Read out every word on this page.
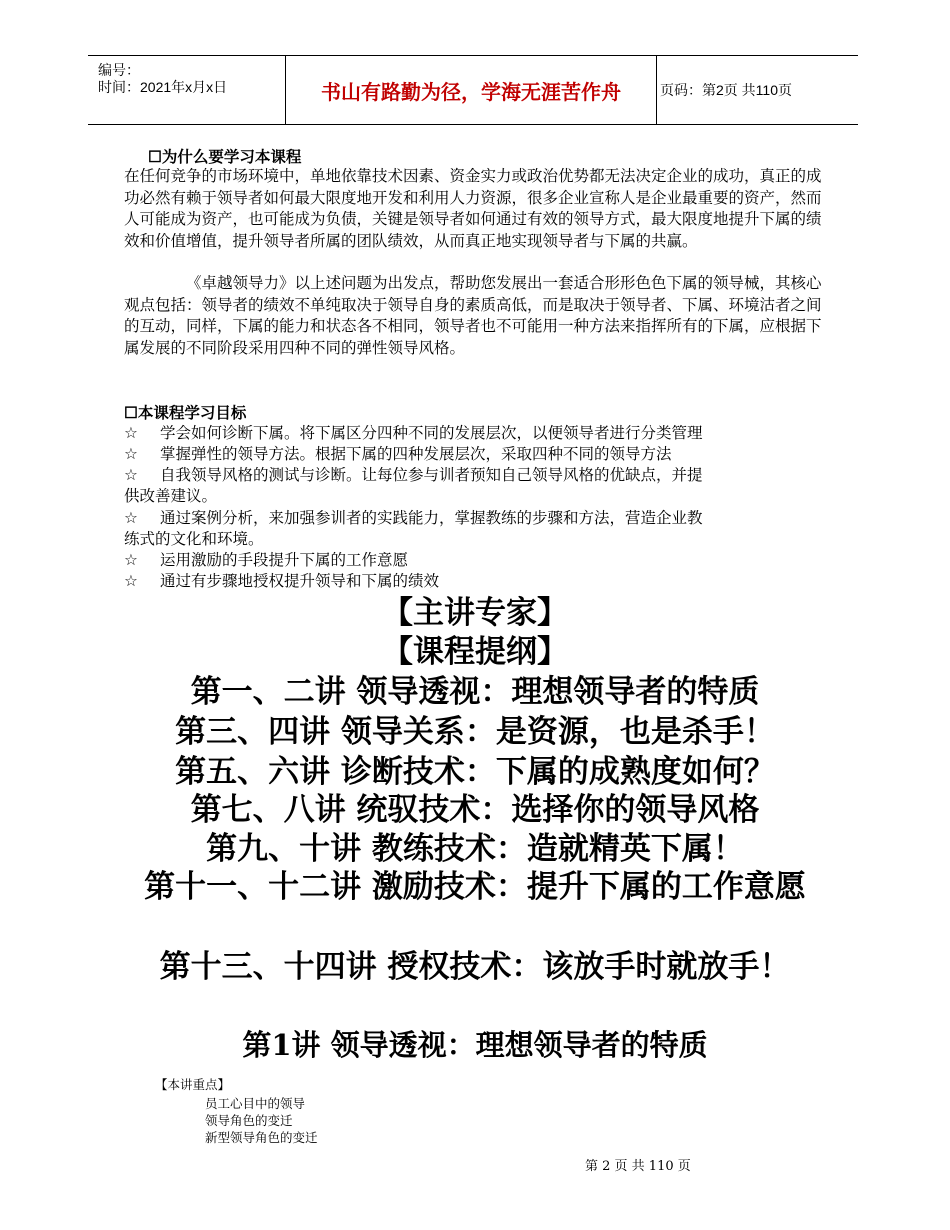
编号：
时间：2021年x月x日	书山有路勤为径，学海无涯苦作舟	页码：第2页 共110页
☐为什么要学习本课程
在任何竞争的市场环境中，单地依靠技术因素、资金实力或政治优势都无法决定企业的成功，真正的成功必然有赖于领导者如何最大限度地开发和利用人力资源，很多企业宣称人是企业最重要的资产，然而人可能成为资产，也可能成为负债，关键是领导者如何通过有效的领导方式，最大限度地提升下属的绩效和价值增值，提升领导者所属的团队绩效，从而真正地实现领导者与下属的共赢。
《卓越领导力》以上述问题为出发点，帮助您发展出一套适合形形色色下属的领导械，其核心观点包括：领导者的绩效不单纯取决于领导自身的素质高低，而是取决于领导者、下属、环境沽者之间的互动，同样，下属的能力和状态各不相同，领导者也不可能用一种方法来指挥所有的下属，应根据下属发展的不同阶段采用四种不同的弹性领导风格。
☐本课程学习目标
☆ 学会如何诊断下属。将下属区分四种不同的发展层次，以便领导者进行分类管理
☆ 掌握弹性的领导方法。根据下属的四种发展层次，采取四种不同的领导方法
☆ 自我领导风格的测试与诊断。让每位参与训者预知自己领导风格的优缺点，并提
供改善建议。
☆ 通过案例分析，来加强参训者的实践能力，掌握教练的步骤和方法，营造企业教
练式的文化和环境。
☆ 运用激励的手段提升下属的工作意愿
☆ 通过有步骤地授权提升领导和下属的绩效
【主讲专家】
【课程提纲】
第一、二讲 领导透视：理想领导者的特质
第三、四讲 领导关系：是资源，也是杀手！
第五、六讲 诊断技术：下属的成熟度如何？
第七、八讲 统驭技术：选择你的领导风格
第九、十讲 教练技术：造就精英下属！
第十一、十二讲 激励技术：提升下属的工作意愿
第十三、十四讲 授权技术：该放手时就放手！
第1讲 领导透视：理想领导者的特质
【本讲重点】
员工心目中的领导
领导角色的变迁
新型领导角色的变迁
第 2 页 共 110 页
